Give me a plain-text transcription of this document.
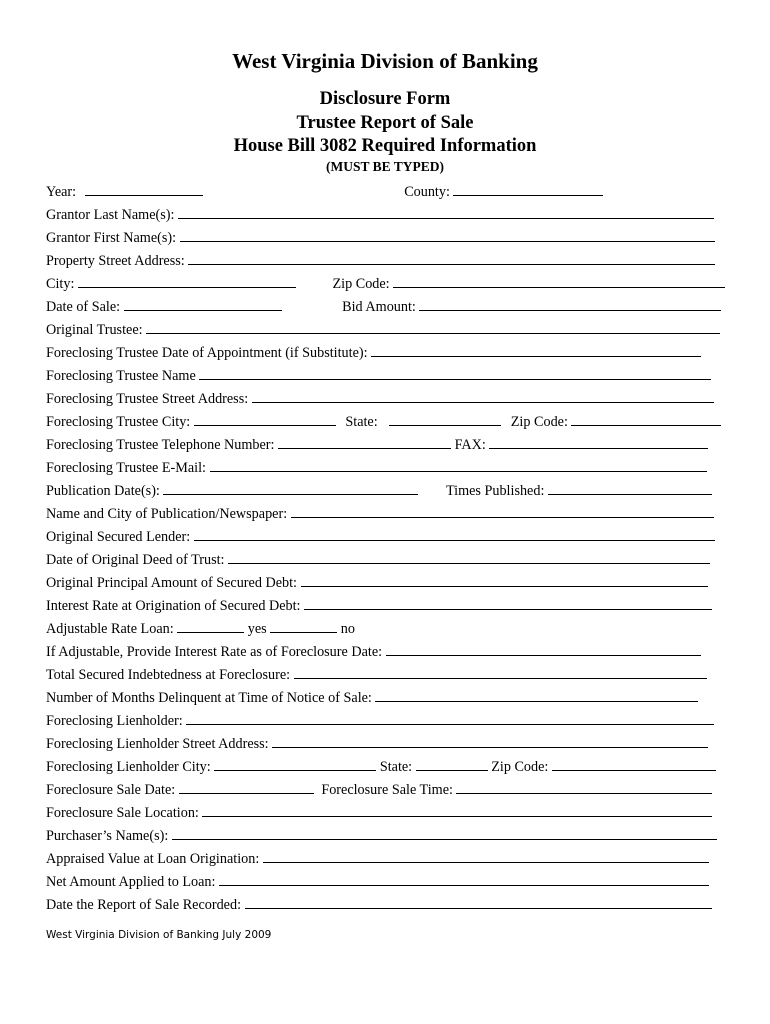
West Virginia Division of Banking
Disclosure Form
Trustee Report of Sale
House Bill 3082 Required Information
(MUST BE TYPED)
Year:	County:
Grantor Last Name(s):
Grantor First Name(s):
Property Street Address:
City:	Zip Code:
Date of Sale:	Bid Amount:
Original Trustee:
Foreclosing Trustee Date of Appointment (if Substitute):
Foreclosing Trustee Name
Foreclosing Trustee Street Address:
Foreclosing Trustee City:	State:	Zip Code:
Foreclosing Trustee Telephone Number:	FAX:
Foreclosing Trustee E-Mail:
Publication Date(s):	Times Published:
Name and City of Publication/Newspaper:
Original Secured Lender:
Date of Original Deed of Trust:
Original Principal Amount of Secured Debt:
Interest Rate at Origination of Secured Debt:
Adjustable Rate Loan:	yes	no
If Adjustable, Provide Interest Rate as of Foreclosure Date:
Total Secured Indebtedness at Foreclosure:
Number of Months Delinquent at Time of Notice of Sale:
Foreclosing Lienholder:
Foreclosing Lienholder Street Address:
Foreclosing Lienholder City:	State:	Zip Code:
Foreclosure Sale Date:	Foreclosure Sale Time:
Foreclosure Sale Location:
Purchaser’s Name(s):
Appraised Value at Loan Origination:
Net Amount Applied to Loan:
Date the Report of Sale Recorded:
West Virginia Division of Banking July 2009
